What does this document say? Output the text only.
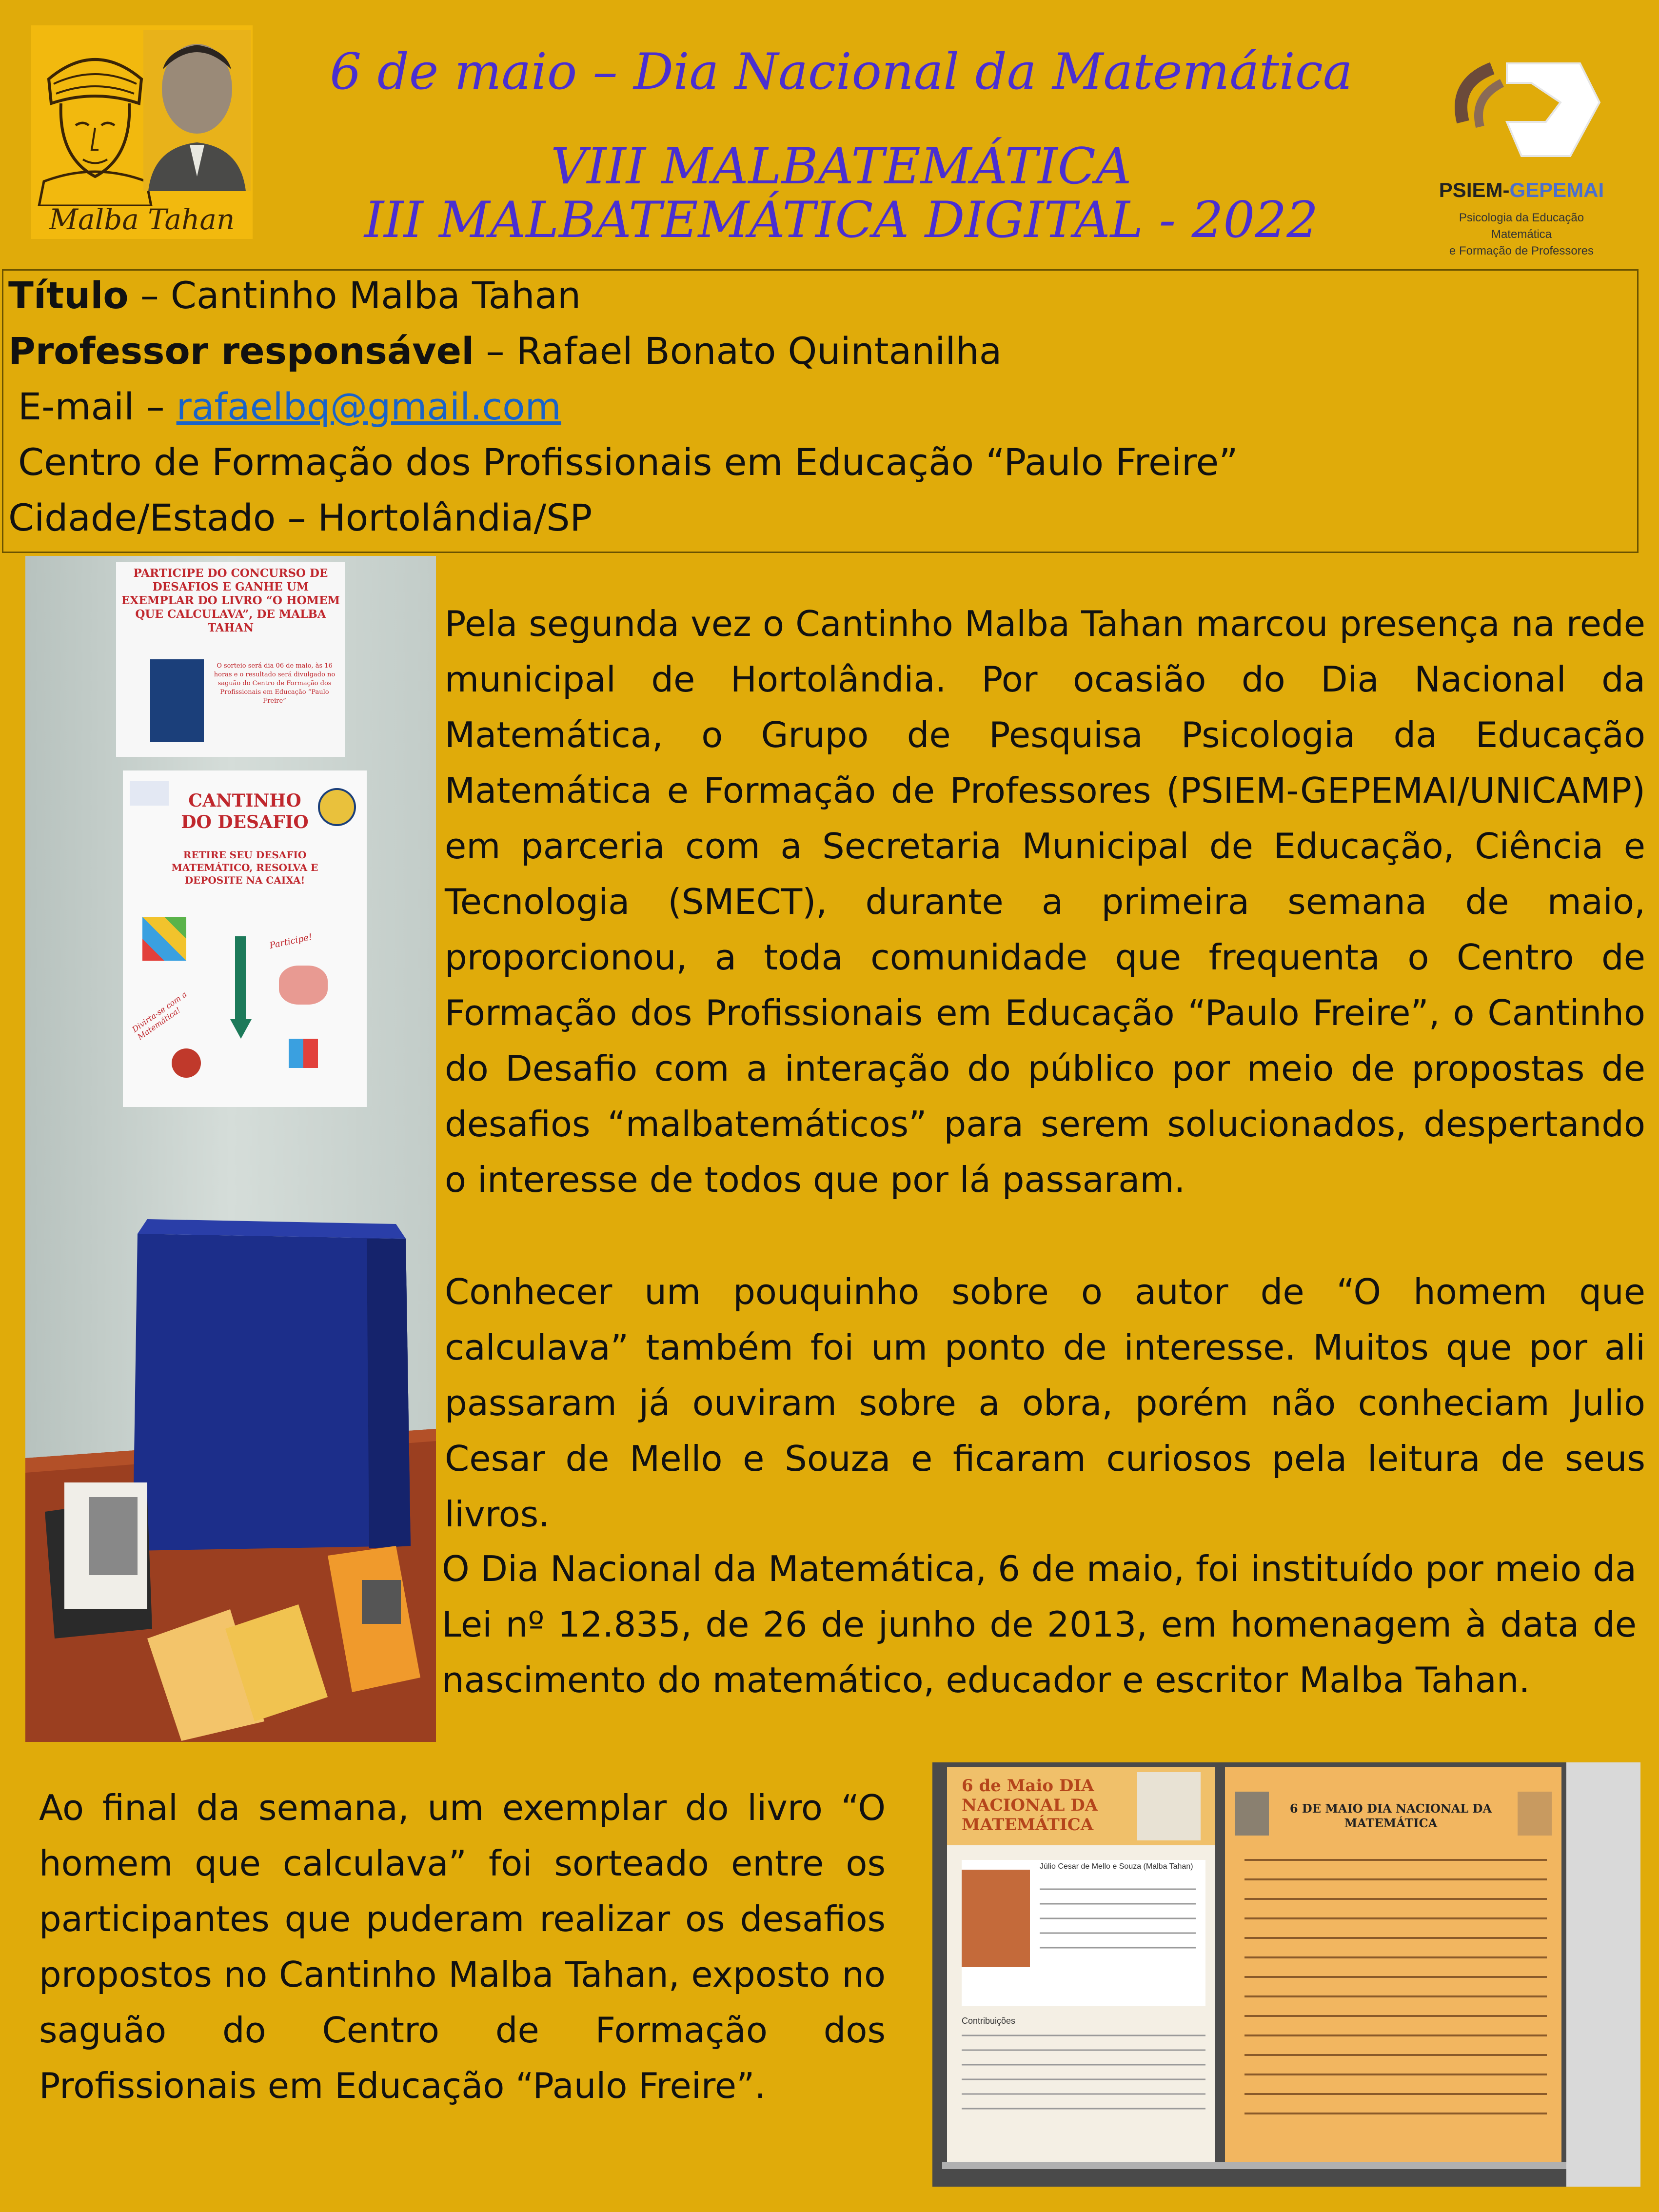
Malba Tahan
6 de maio – Dia Nacional da Matemática
VIII MALBATEMÁTICA
III MALBATEMÁTICA DIGITAL - 2022
PSIEM-GEPEMAI
Psicologia da Educação Matemática
e Formação de Professores
Título – Cantinho Malba Tahan
Professor responsável – Rafael Bonato Quintanilha
E-mail – rafaelbq@gmail.com
Centro de Formação dos Profissionais em Educação “Paulo Freire”
Cidade/Estado – Hortolândia/SP
PARTICIPE DO CONCURSO DE DESAFIOS E GANHE UM EXEMPLAR DO LIVRO “O HOMEM QUE CALCULAVA”, DE MALBA TAHAN
O sorteio será dia 06 de maio, às 16 horas e o resultado será divulgado no saguão do Centro de Formação dos Profissionais em Educação “Paulo Freire”
CANTINHO DO DESAFIO
RETIRE SEU DESAFIO MATEMÁTICO, RESOLVA E DEPOSITE NA CAIXA!
Participe!
Divirta-se com a Matemática!
6 de Maio DIA NACIONAL DA MATEMÁTICA
Júlio Cesar de Mello e Souza (Malba Tahan)
Contribuições
6 DE MAIO DIA NACIONAL DA MATEMÁTICA
Pela segunda vez o Cantinho Malba Tahan marcou presença na rede municipal de Hortolândia. Por ocasião do Dia Nacional da Matemática, o Grupo de Pesquisa Psicologia da Educação Matemática e Formação de Professores (PSIEM-GEPEMAI/UNICAMP) em parceria com a Secretaria Municipal de Educação, Ciência e Tecnologia (SMECT), durante a primeira semana de maio, proporcionou, a toda comunidade que frequenta o Centro de Formação dos Profissionais em Educação “Paulo Freire”, o Cantinho do Desafio com a interação do público por meio de propostas de desafios “malbatemáticos” para serem solucionados, despertando o interesse de todos que por lá passaram.
Conhecer um pouquinho sobre o autor de “O homem que calculava” também foi um ponto de interesse. Muitos que por ali passaram já ouviram sobre a obra, porém não conheciam Julio Cesar de Mello e Souza e ficaram curiosos pela leitura de seus livros.
O Dia Nacional da Matemática, 6 de maio, foi instituído por meio da Lei nº 12.835, de 26 de junho de 2013, em homenagem à data de nascimento do matemático, educador e escritor Malba Tahan.
Ao final da semana, um exemplar do livro “O homem que calculava” foi sorteado entre os participantes que puderam realizar os desafios propostos no Cantinho Malba Tahan, exposto no saguão do Centro de Formação dos Profissionais em Educação “Paulo Freire”.
